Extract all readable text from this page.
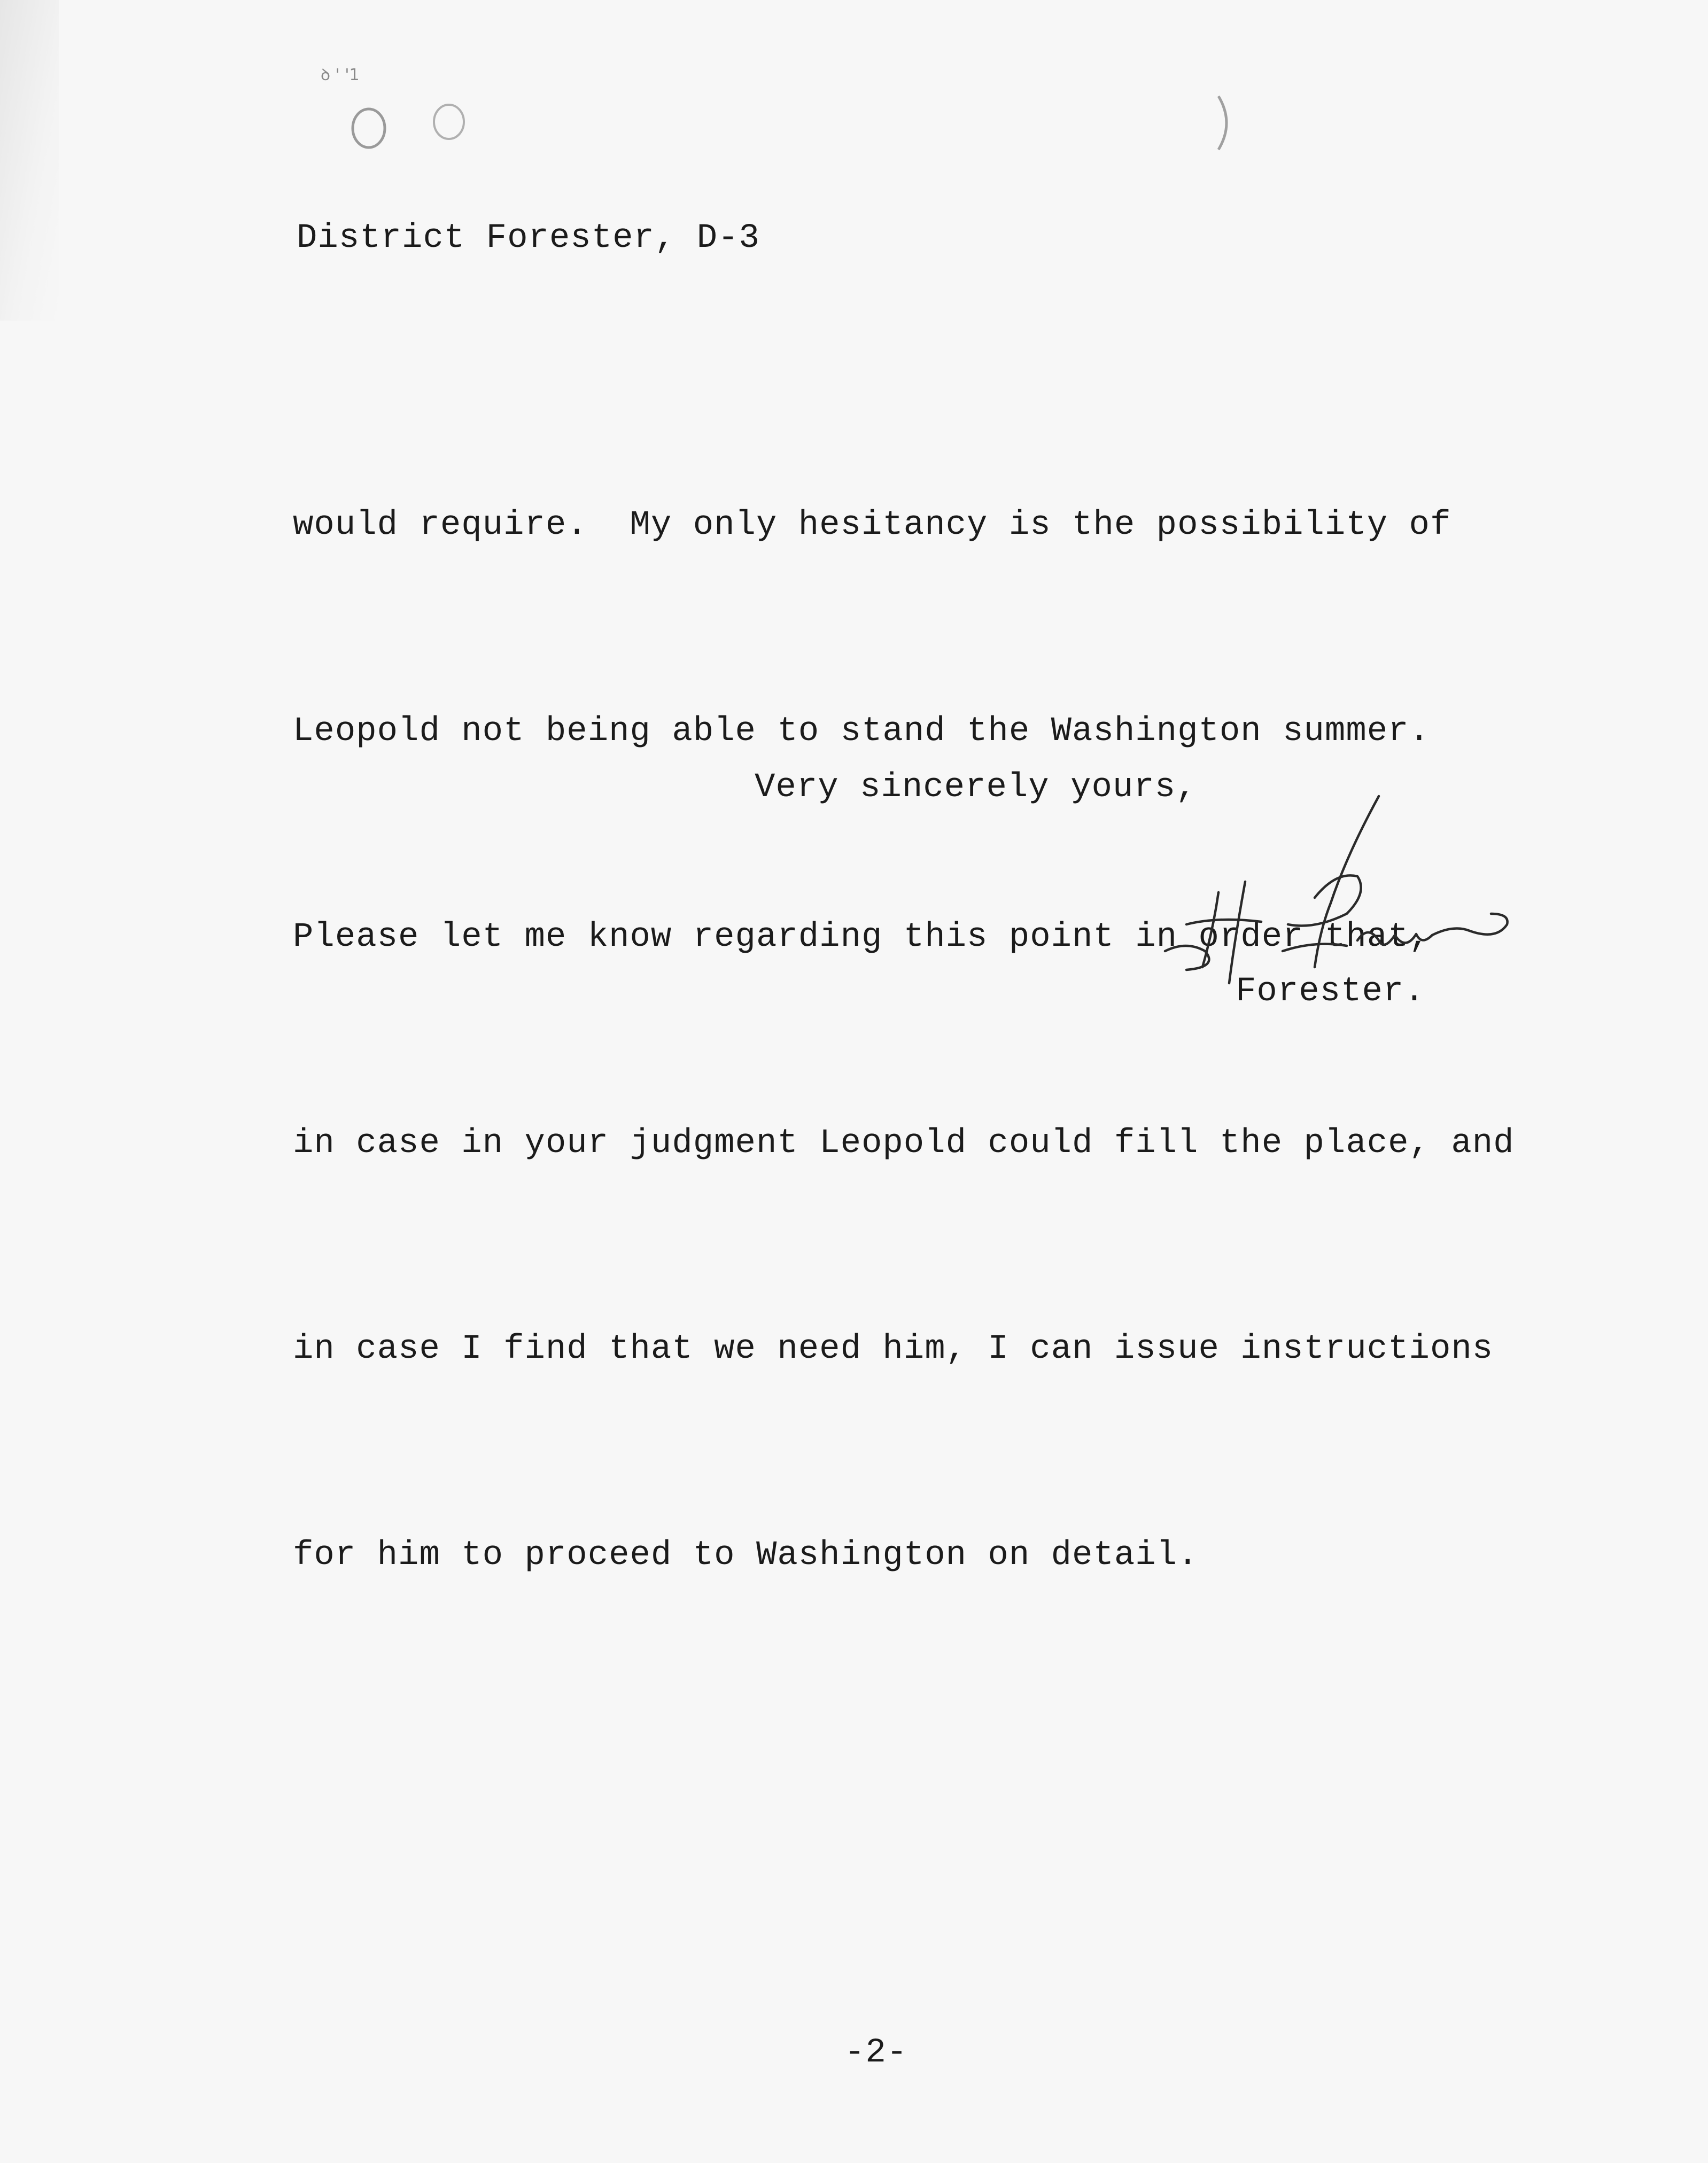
ꝺ ' '1
District Forester, D-3

would require.  My only hesitancy is the possibility of

Leopold not being able to stand the Washington summer.

Please let me know regarding this point in order that,

in case in your judgment Leopold could fill the place, and

in case I find that we need him, I can issue instructions

for him to proceed to Washington on detail.

Very sincerely yours,
Forester.
-2-
